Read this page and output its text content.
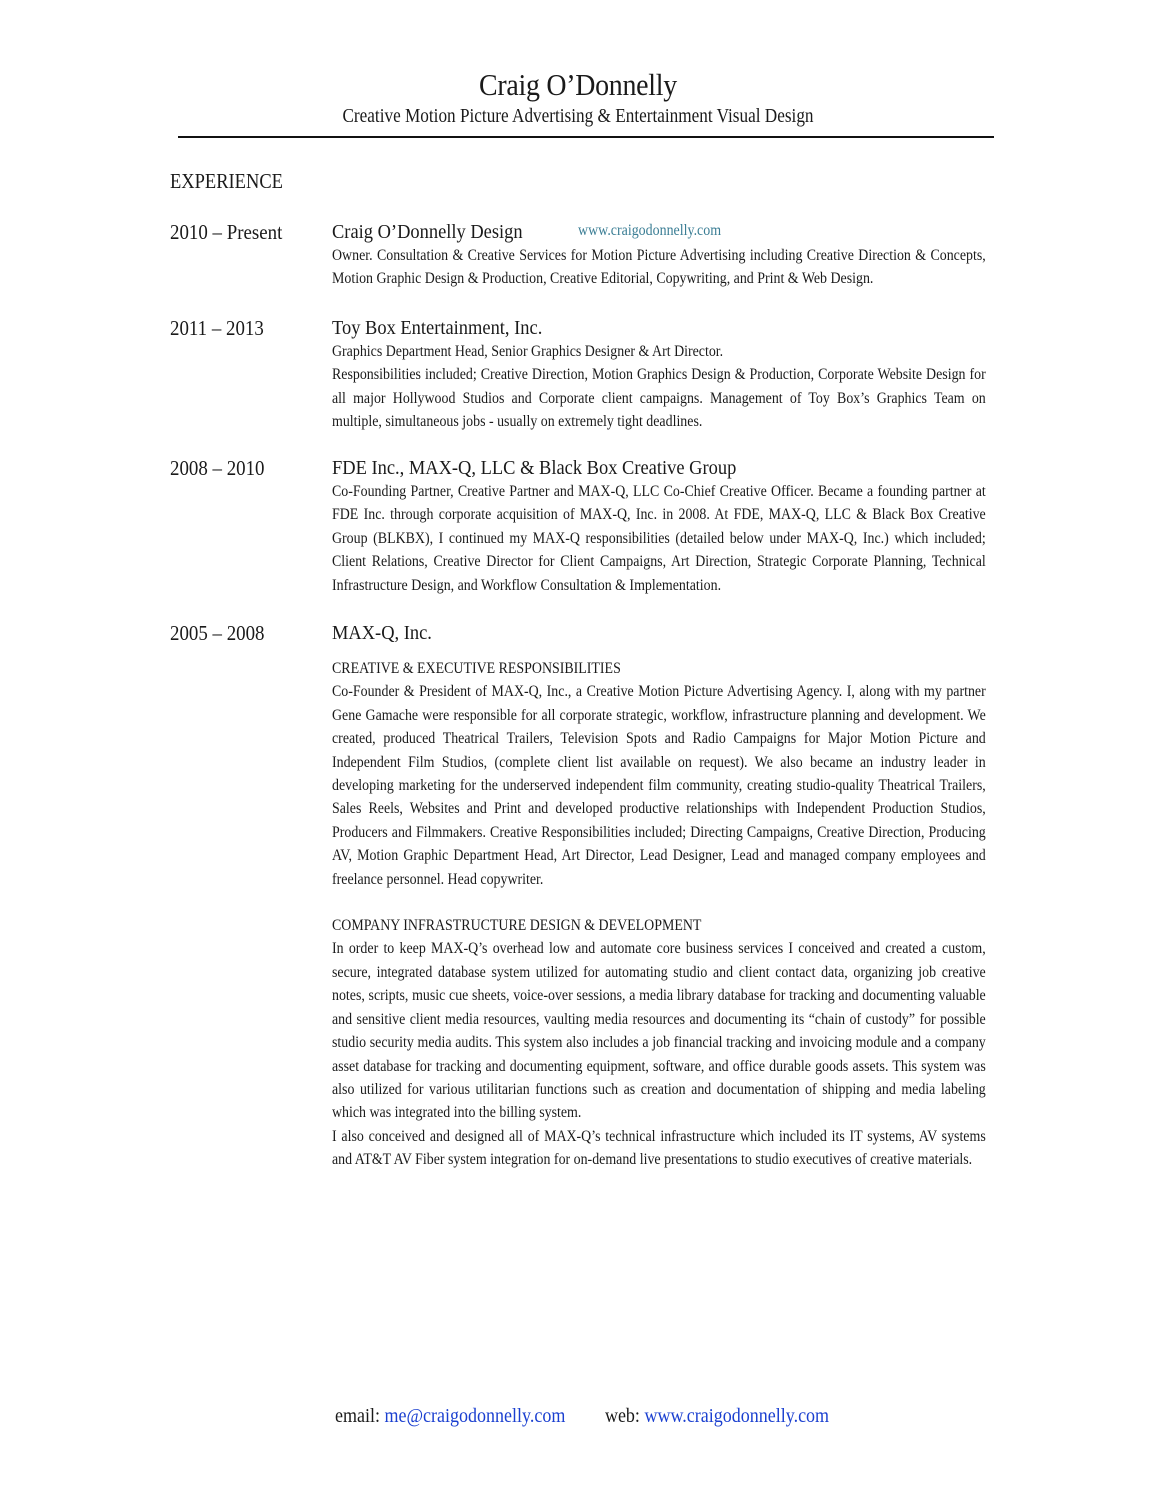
Craig O’Donnelly
Creative Motion Picture Advertising & Entertainment Visual Design
EXPERIENCE
2010 – Present Craig O’Donnelly Design	www.craigodonnelly.com

Owner. Consultation & Creative Services for Motion Picture Advertising including Creative Direction & Concepts, Motion Graphic Design & Production, Creative Editorial, Copywriting, and Print & Web Design.

2011 – 2013	Toy Box Entertainment, Inc.

Graphics Department Head, Senior Graphics Designer & Art Director.

Responsibilities included; Creative Direction, Motion Graphics Design & Production, Corporate Website Design for all major Hollywood Studios and Corporate client campaigns. Management of Toy Box’s Graphics Team on multiple, simultaneous jobs - usually on extremely tight deadlines.

2008 – 2010	FDE Inc., MAX-Q, LLC & Black Box Creative Group

Co-Founding Partner, Creative Partner and MAX-Q, LLC Co-Chief Creative Officer. Became a founding partner at FDE Inc. through corporate acquisition of MAX-Q, Inc. in 2008. At FDE, MAX-Q, LLC & Black Box Creative Group (BLKBX), I continued my MAX-Q responsibilities (detailed below under MAX-Q, Inc.) which included; Client Relations, Creative Director for Client Campaigns, Art Direction, Strategic Corporate Planning, Technical Infrastructure Design, and Workflow Consultation & Implementation.

2005 – 2008	MAX-Q, Inc.

CREATIVE & EXECUTIVE RESPONSIBILITIES

Co-Founder & President of MAX-Q, Inc., a Creative Motion Picture Advertising Agency. I, along with my partner Gene Gamache were responsible for all corporate strategic, workflow, infrastructure planning and development. We created, produced Theatrical Trailers, Television Spots and Radio Campaigns for Major Motion Picture and Independent Film Studios, (complete client list available on request). We also became an industry leader in developing marketing for the underserved independent film community, creating studio-quality Theatrical Trailers, Sales Reels, Websites and Print and developed productive relationships with Independent Production Studios, Producers and Filmmakers. Creative Responsibilities included; Directing Campaigns, Creative Direction, Producing AV, Motion Graphic Department Head, Art Director, Lead Designer, Lead and managed company employees and freelance personnel. Head copywriter.

COMPANY INFRASTRUCTURE DESIGN & DEVELOPMENT

In order to keep MAX-Q’s overhead low and automate core business services I conceived and created a custom, secure, integrated database system utilized for automating studio and client contact data, organizing job creative notes, scripts, music cue sheets, voice-over sessions, a media library database for tracking and documenting valuable and sensitive client media resources, vaulting media resources and documenting its “chain of custody” for possible studio security media audits. This system also includes a job financial tracking and invoicing module and a company asset database for tracking and documenting equipment, software, and office durable goods assets. This system was also utilized for various utilitarian functions such as creation and documentation of shipping and media labeling which was integrated into the billing system.

I also conceived and designed all of MAX-Q’s technical infrastructure which included its IT systems, AV systems and AT&T AV Fiber system integration for on-demand live presentations to studio executives of creative materials.

email: me@craigodonnelly.com web: www.craigodonnelly.com
